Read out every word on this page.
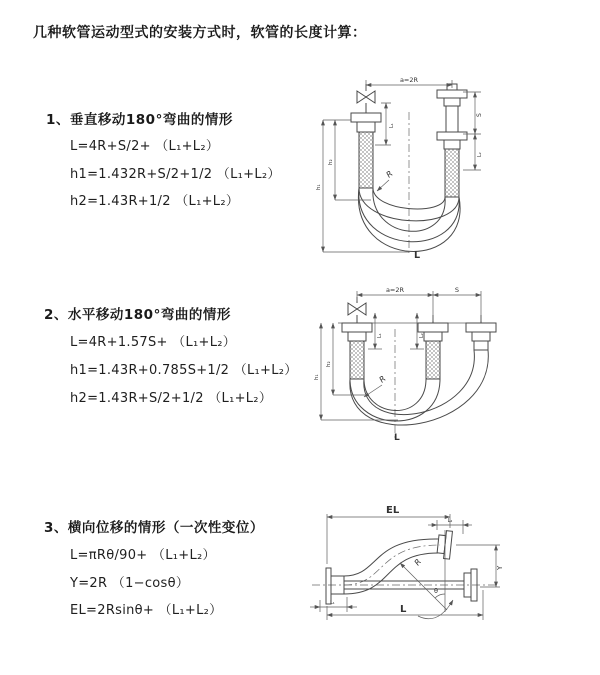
几种软管运动型式的安装方式时，软管的长度计算：
1、垂直移动180°弯曲的情形
L=4R+S/2+ （L₁+L₂）
h1=1.432R+S/2+1/2 （L₁+L₂）
h2=1.43R+1/2 （L₁+L₂）
2、水平移动180°弯曲的情形
L=4R+1.57S+ （L₁+L₂）
h1=1.43R+0.785S+1/2 （L₁+L₂）
h2=1.43R+S/2+1/2 （L₁+L₂）
3、横向位移的情形（一次性变位）
L=πRθ/90+ （L₁+L₂）
Y=2R （1−cosθ）
EL=2Rsinθ+ （L₁+L₂）
a=2R
h₁
h₂
L₁
S
L₂
R
L
a=2R	S
h₁
h₂
L₁	L₂
R
L
EL
L₂
Y
R
θ
L₁
L
